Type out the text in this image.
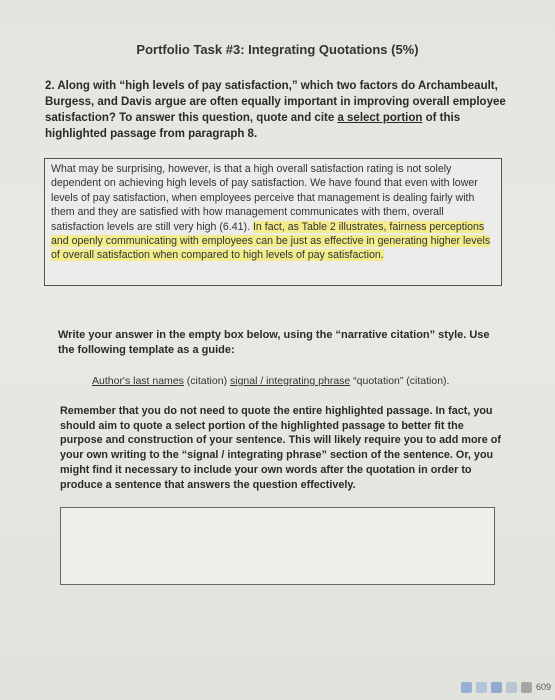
Portfolio Task #3: Integrating Quotations (5%)
2. Along with “high levels of pay satisfaction,” which two factors do Archambeault, Burgess, and Davis argue are often equally important in improving overall employee satisfaction? To answer this question, quote and cite a select portion of this highlighted passage from paragraph 8.
What may be surprising, however, is that a high overall satisfaction rating is not solely dependent on achieving high levels of pay satisfaction. We have found that even with lower levels of pay satisfaction, when employees perceive that management is dealing fairly with them and they are satisfied with how management communicates with them, overall satisfaction levels are still very high (6.41). In fact, as Table 2 illustrates, fairness perceptions and openly communicating with employees can be just as effective in generating higher levels of overall satisfaction when compared to high levels of pay satisfaction.
Write your answer in the empty box below, using the “narrative citation” style. Use the following template as a guide:
Author's last names (citation) signal / integrating phrase “quotation” (citation).
Remember that you do not need to quote the entire highlighted passage. In fact, you should aim to quote a select portion of the highlighted passage to better fit the purpose and construction of your sentence. This will likely require you to add more of your own writing to the “signal / integrating phrase” section of the sentence. Or, you might find it necessary to include your own words after the quotation in order to produce a sentence that answers the question effectively.
609
